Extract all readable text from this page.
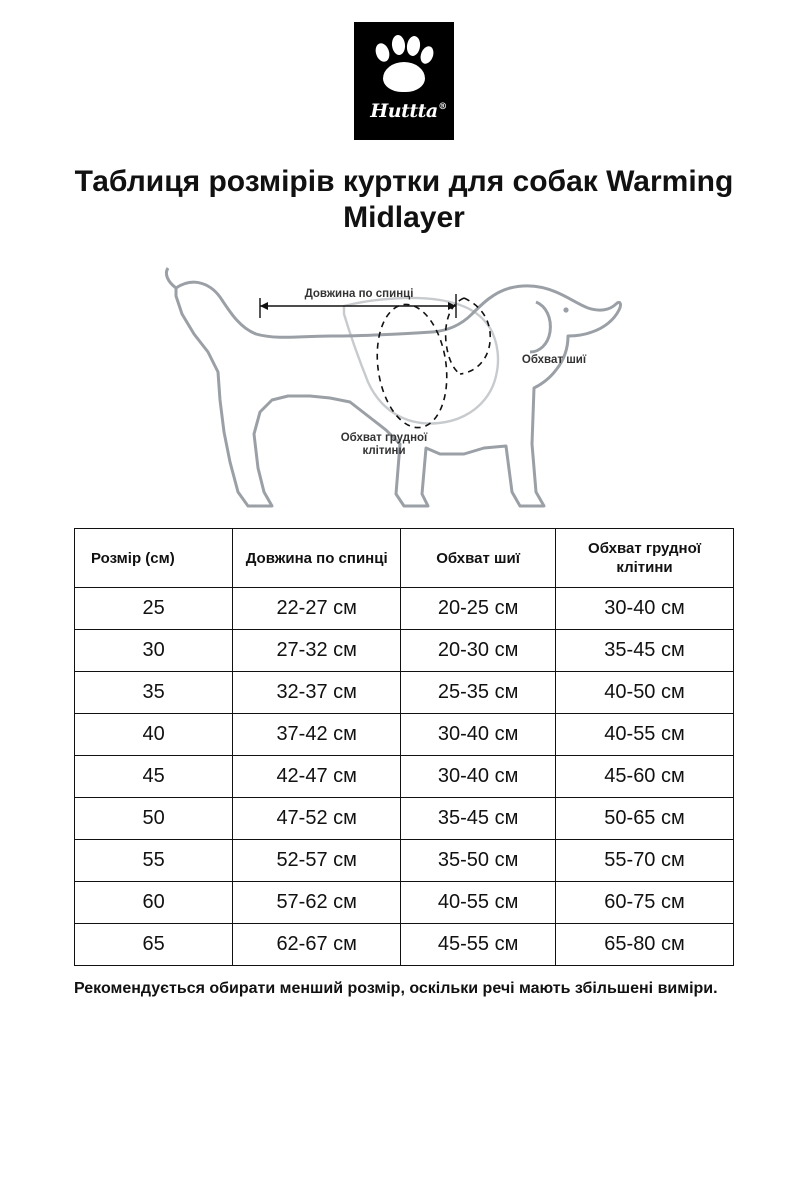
Huttta ®
Таблиця розмірів куртки для собак Warming Midlayer
Довжина по спинці
Обхват шиї
Обхват грудної клітини
Розмір (см)	Довжина по спинці	Обхват шиї	Обхват грудної клітини
25	22-27 см	20-25 см	30-40 см
30	27-32 см	20-30 см	35-45 см
35	32-37 см	25-35 см	40-50 см
40	37-42 см	30-40 см	40-55 см
45	42-47 см	30-40 см	45-60 см
50	47-52 см	35-45 см	50-65 см
55	52-57 см	35-50 см	55-70 см
60	57-62 см	40-55 см	60-75 см
65	62-67 см	45-55 см	65-80 см
Рекомендується обирати менший розмір, оскільки речі мають збільшені виміри.
